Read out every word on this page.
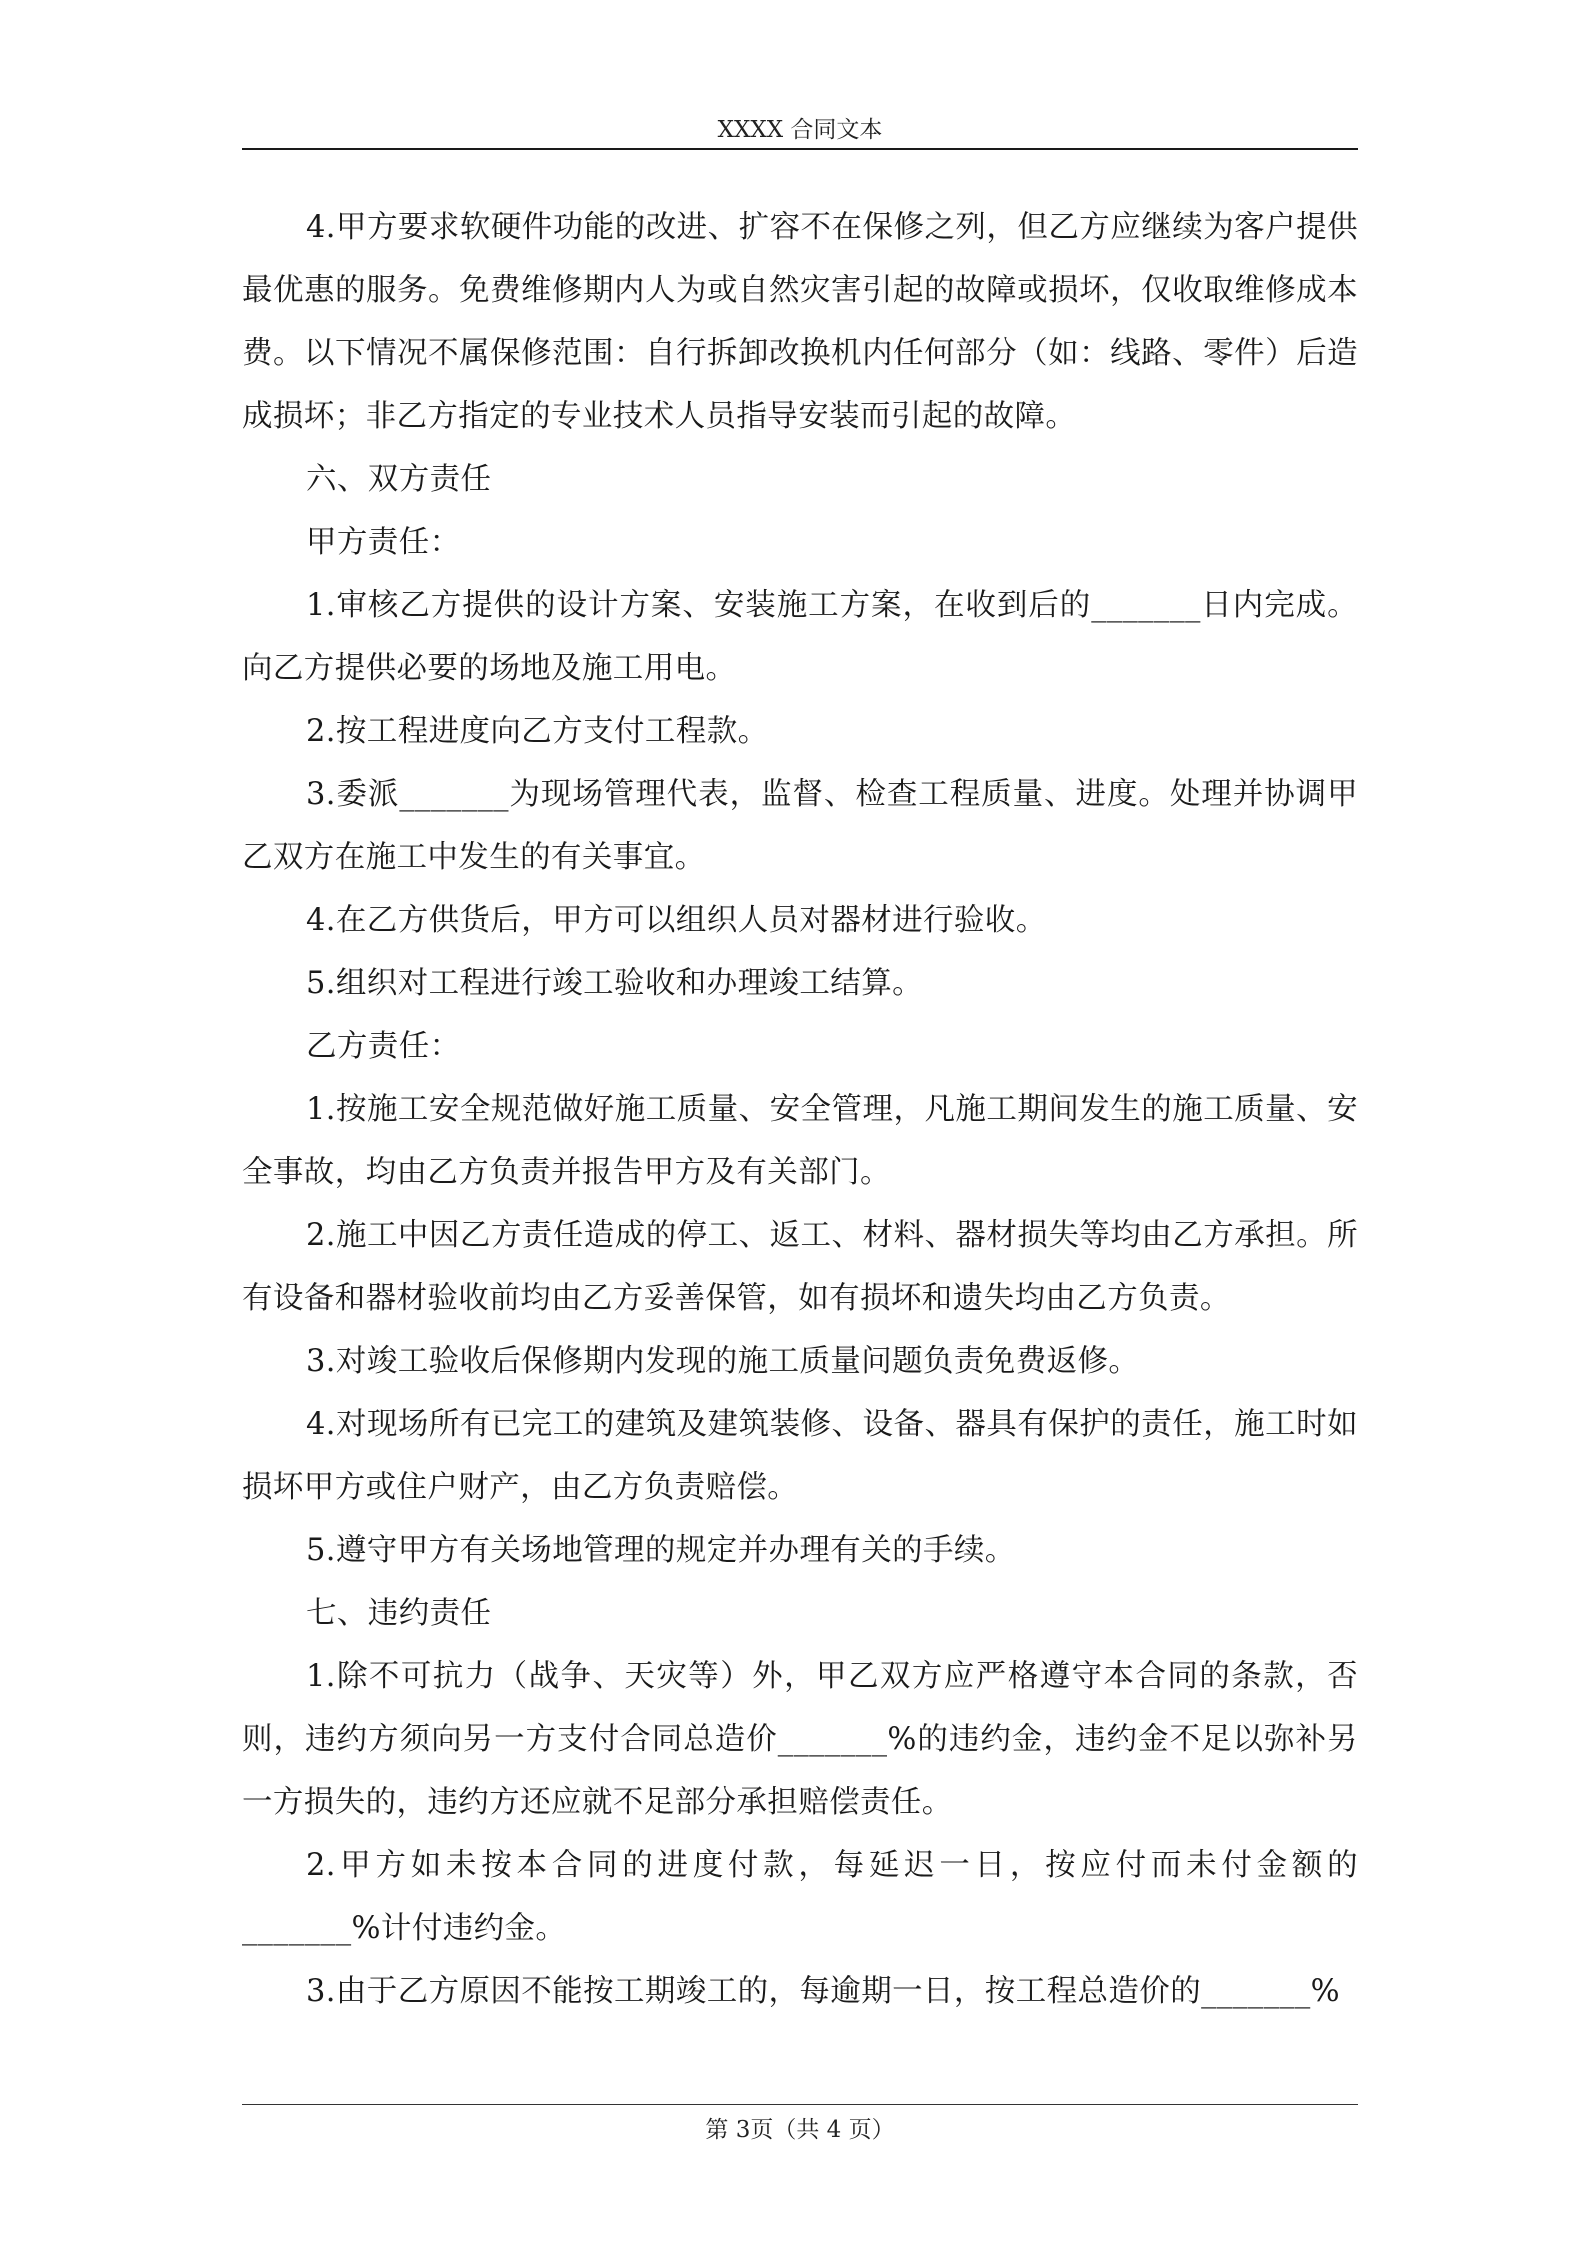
XXXX 合同文本

4.甲方要求软硬件功能的改进、扩容不在保修之列，但乙方应继续为客户提供最优惠的服务。免费维修期内人为或自然灾害引起的故障或损坏，仅收取维修成本费。以下情况不属保修范围：自行拆卸改换机内任何部分（如：线路、零件）后造成损坏；非乙方指定的专业技术人员指导安装而引起的故障。

六、双方责任

甲方责任：

1.审核乙方提供的设计方案、安装施工方案，在收到后的_______日内完成。向乙方提供必要的场地及施工用电。

2.按工程进度向乙方支付工程款。

3.委派_______为现场管理代表，监督、检查工程质量、进度。处理并协调甲乙双方在施工中发生的有关事宜。

4.在乙方供货后，甲方可以组织人员对器材进行验收。

5.组织对工程进行竣工验收和办理竣工结算。

乙方责任：

1.按施工安全规范做好施工质量、安全管理，凡施工期间发生的施工质量、安全事故，均由乙方负责并报告甲方及有关部门。

2.施工中因乙方责任造成的停工、返工、材料、器材损失等均由乙方承担。所有设备和器材验收前均由乙方妥善保管，如有损坏和遗失均由乙方负责。

3.对竣工验收后保修期内发现的施工质量问题负责免费返修。

4.对现场所有已完工的建筑及建筑装修、设备、器具有保护的责任，施工时如损坏甲方或住户财产，由乙方负责赔偿。

5.遵守甲方有关场地管理的规定并办理有关的手续。

七、违约责任

1.除不可抗力（战争、天灾等）外，甲乙双方应严格遵守本合同的条款，否则，违约方须向另一方支付合同总造价_______%的违约金，违约金不足以弥补另一方损失的，违约方还应就不足部分承担赔偿责任。

2.甲方如未按本合同的进度付款，每延迟一日，按应付而未付金额的_______%计付违约金。

3.由于乙方原因不能按工期竣工的，每逾期一日，按工程总造价的_______%

第 3页（共 4 页）
